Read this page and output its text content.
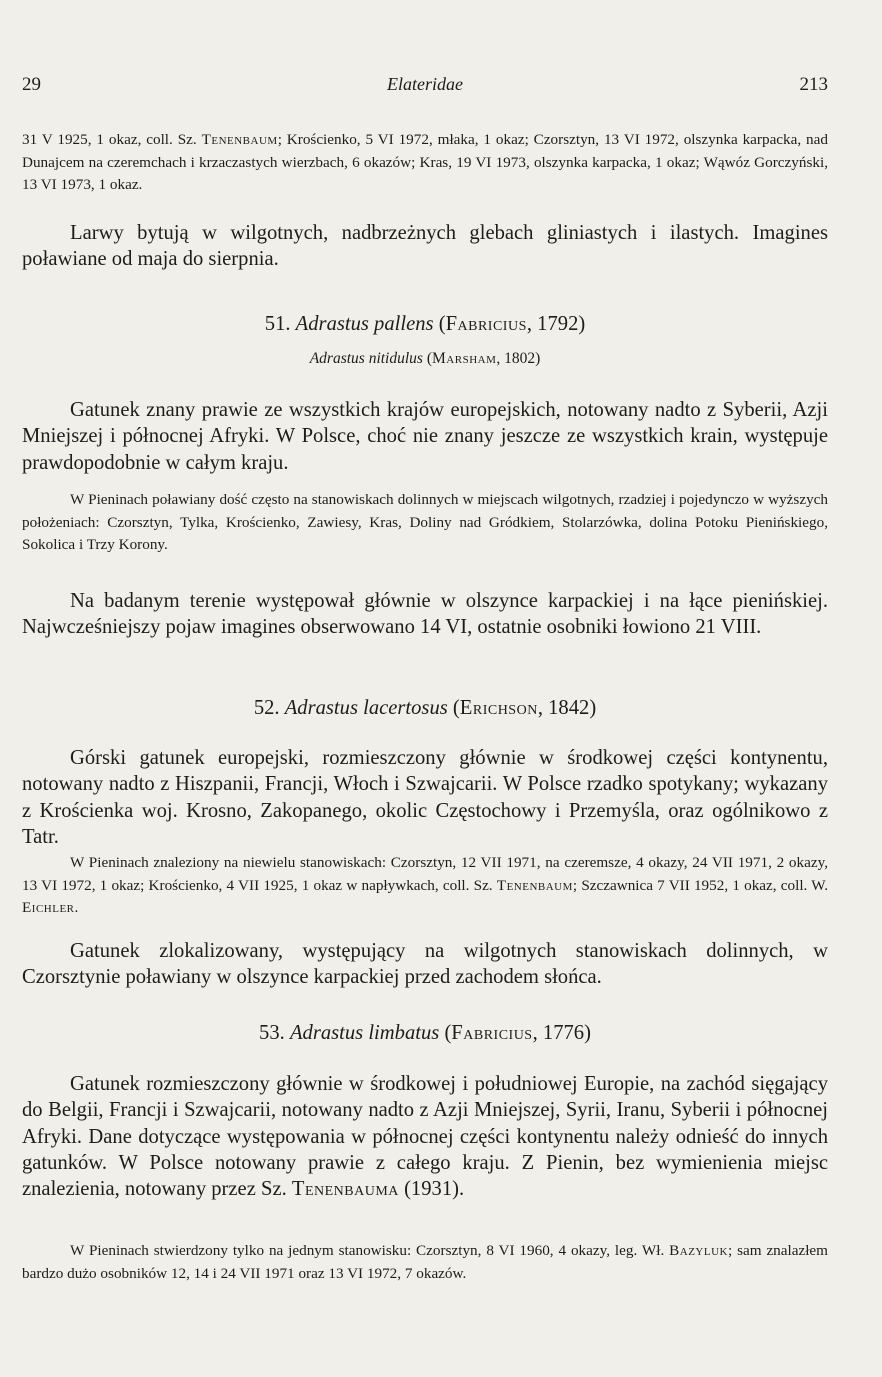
29	Elateridae	213

31 V 1925, 1 okaz, coll. Sz. Tenenbaum; Krościenko, 5 VI 1972, młaka, 1 okaz; Czorsztyn, 13 VI 1972, olszynka karpacka, nad Dunajcem na czeremchach i krzaczastych wierzbach, 6 okazów; Kras, 19 VI 1973, olszynka karpacka, 1 okaz; Wąwóz Gorczyński, 13 VI 1973, 1 okaz.

Larwy bytują w wilgotnych, nadbrzeżnych glebach gliniastych i ilastych. Imagines poławiane od maja do sierpnia.

51. Adrastus pallens (Fabricius, 1792)
Adrastus nitidulus (Marsham, 1802)

Gatunek znany prawie ze wszystkich krajów europejskich, notowany nadto z Syberii, Azji Mniejszej i północnej Afryki. W Polsce, choć nie znany jeszcze ze wszystkich krain, występuje prawdopodobnie w całym kraju.

W Pieninach poławiany dość często na stanowiskach dolinnych w miejscach wilgotnych, rzadziej i pojedynczo w wyższych położeniach: Czorsztyn, Tylka, Krościenko, Zawiesy, Kras, Doliny nad Gródkiem, Stolarzówka, dolina Potoku Pienińskiego, Sokolica i Trzy Korony.

Na badanym terenie występował głównie w olszynce karpackiej i na łące pienińskiej. Najwcześniejszy pojaw imagines obserwowano 14 VI, ostatnie osobniki łowiono 21 VIII.

52. Adrastus lacertosus (Erichson, 1842)

Górski gatunek europejski, rozmieszczony głównie w środkowej części kontynentu, notowany nadto z Hiszpanii, Francji, Włoch i Szwajcarii. W Polsce rzadko spotykany; wykazany z Krościenka woj. Krosno, Zakopanego, okolic Częstochowy i Przemyśla, oraz ogólnikowo z Tatr.

W Pieninach znaleziony na niewielu stanowiskach: Czorsztyn, 12 VII 1971, na czeremsze, 4 okazy, 24 VII 1971, 2 okazy, 13 VI 1972, 1 okaz; Krościenko, 4 VII 1925, 1 okaz w napływkach, coll. Sz. Tenenbaum; Szczawnica 7 VII 1952, 1 okaz, coll. W. Eichler.

Gatunek zlokalizowany, występujący na wilgotnych stanowiskach dolinnych, w Czorsztynie poławiany w olszynce karpackiej przed zachodem słońca.

53. Adrastus limbatus (Fabricius, 1776)

Gatunek rozmieszczony głównie w środkowej i południowej Europie, na zachód sięgający do Belgii, Francji i Szwajcarii, notowany nadto z Azji Mniejszej, Syrii, Iranu, Syberii i północnej Afryki. Dane dotyczące występowania w północnej części kontynentu należy odnieść do innych gatunków. W Polsce notowany prawie z całego kraju. Z Pienin, bez wymienienia miejsc znalezienia, notowany przez Sz. Tenenbauma (1931).

W Pieninach stwierdzony tylko na jednym stanowisku: Czorsztyn, 8 VI 1960, 4 okazy, leg. Wł. Bazyluk; sam znalazłem bardzo dużo osobników 12, 14 i 24 VII 1971 oraz 13 VI 1972, 7 okazów.
